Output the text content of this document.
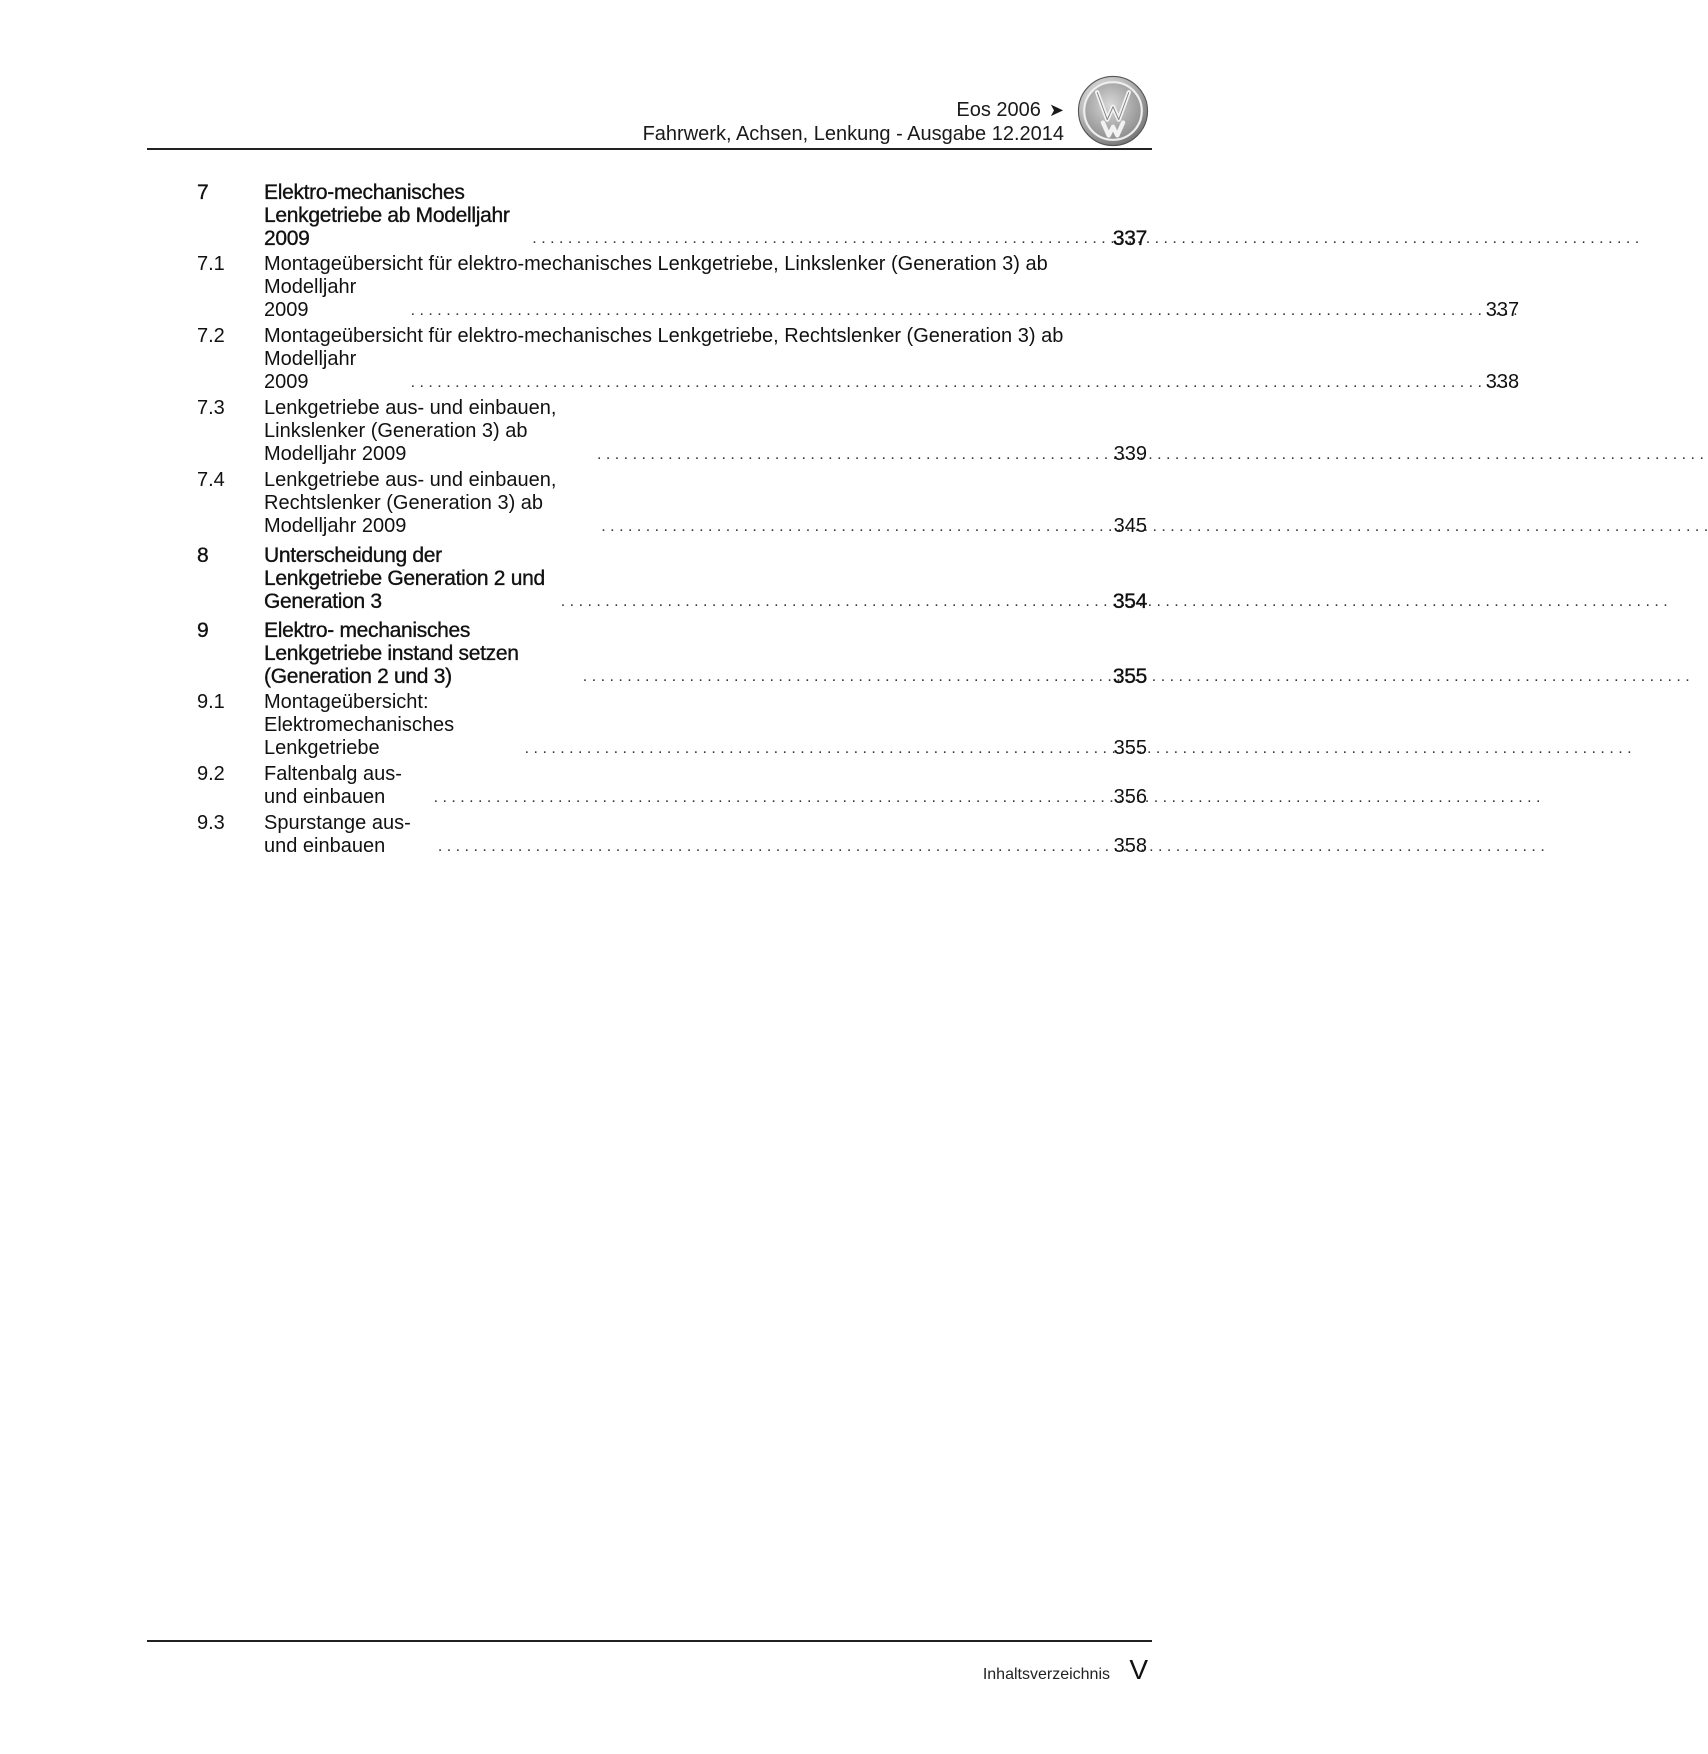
Eos 2006 ➤
Fahrwerk, Achsen, Lenkung - Ausgabe 12.2014
7	Elektro-mechanisches Lenkgetriebe ab Modelljahr 2009 . . .	337
7.1	Montageübersicht für elektro-mechanisches Lenkgetriebe, Linkslenker (Generation 3) ab
Modelljahr 2009 . . .	337
7.2	Montageübersicht für elektro-mechanisches Lenkgetriebe, Rechtslenker (Generation 3) ab
Modelljahr 2009 . . .	338
7.3	Lenkgetriebe aus- und einbauen, Linkslenker (Generation 3) ab Modelljahr 2009 . . .	339
7.4	Lenkgetriebe aus- und einbauen, Rechtslenker (Generation 3) ab Modelljahr 2009 . . .	345
8	Unterscheidung der Lenkgetriebe Generation 2 und Generation 3 . . .	354
9	Elektro- mechanisches Lenkgetriebe instand setzen (Generation 2 und 3) . . .	355
9.1	Montageübersicht: Elektromechanisches Lenkgetriebe . . .	355
9.2	Faltenbalg aus- und einbauen . . .	356
9.3	Spurstange aus- und einbauen . . .	358
Inhaltsverzeichnis V
